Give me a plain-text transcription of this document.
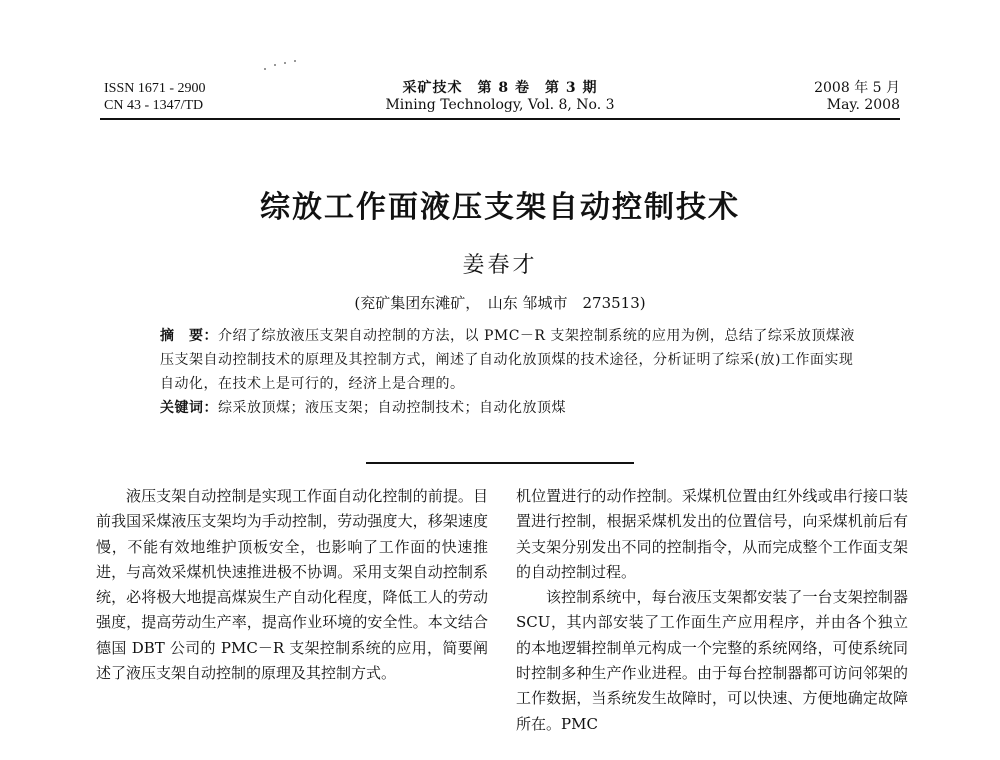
ISSN 1671 - 2900
CN 43 - 1347/TD
采矿技术　第 8 卷　第 3 期
Mining Technology, Vol. 8, No. 3
2008 年 5 月
May. 2008
综放工作面液压支架自动控制技术
姜春才
(兖矿集团东滩矿，　山东 邹城市　273513)
摘　要：介绍了综放液压支架自动控制的方法，以 PMC－R 支架控制系统的应用为例，总结了综采放顶煤液压支架自动控制技术的原理及其控制方式，阐述了自动化放顶煤的技术途径，分析证明了综采(放)工作面实现自动化，在技术上是可行的，经济上是合理的。
关键词：综采放顶煤；液压支架；自动控制技术；自动化放顶煤

液压支架自动控制是实现工作面自动化控制的前提。目前我国采煤液压支架均为手动控制，劳动强度大，移架速度慢，不能有效地维护顶板安全，也影响了工作面的快速推进，与高效采煤机快速推进极不协调。采用支架自动控制系统，必将极大地提高煤炭生产自动化程度，降低工人的劳动强度，提高劳动生产率，提高作业环境的安全性。本文结合德国 DBT 公司的 PMC－R 支架控制系统的应用，简要阐述了液压支架自动控制的原理及其控制方式。

机位置进行的动作控制。采煤机位置由红外线或串行接口装置进行控制，根据采煤机发出的位置信号，向采煤机前后有关支架分别发出不同的控制指令，从而完成整个工作面支架的自动控制过程。

该控制系统中，每台液压支架都安装了一台支架控制器 SCU，其内部安装了工作面生产应用程序，并由各个独立的本地逻辑控制单元构成一个完整的系统网络，可使系统同时控制多种生产作业进程。由于每台控制器都可访问邻架的工作数据，当系统发生故障时，可以快速、方便地确定故障所在。PMC
